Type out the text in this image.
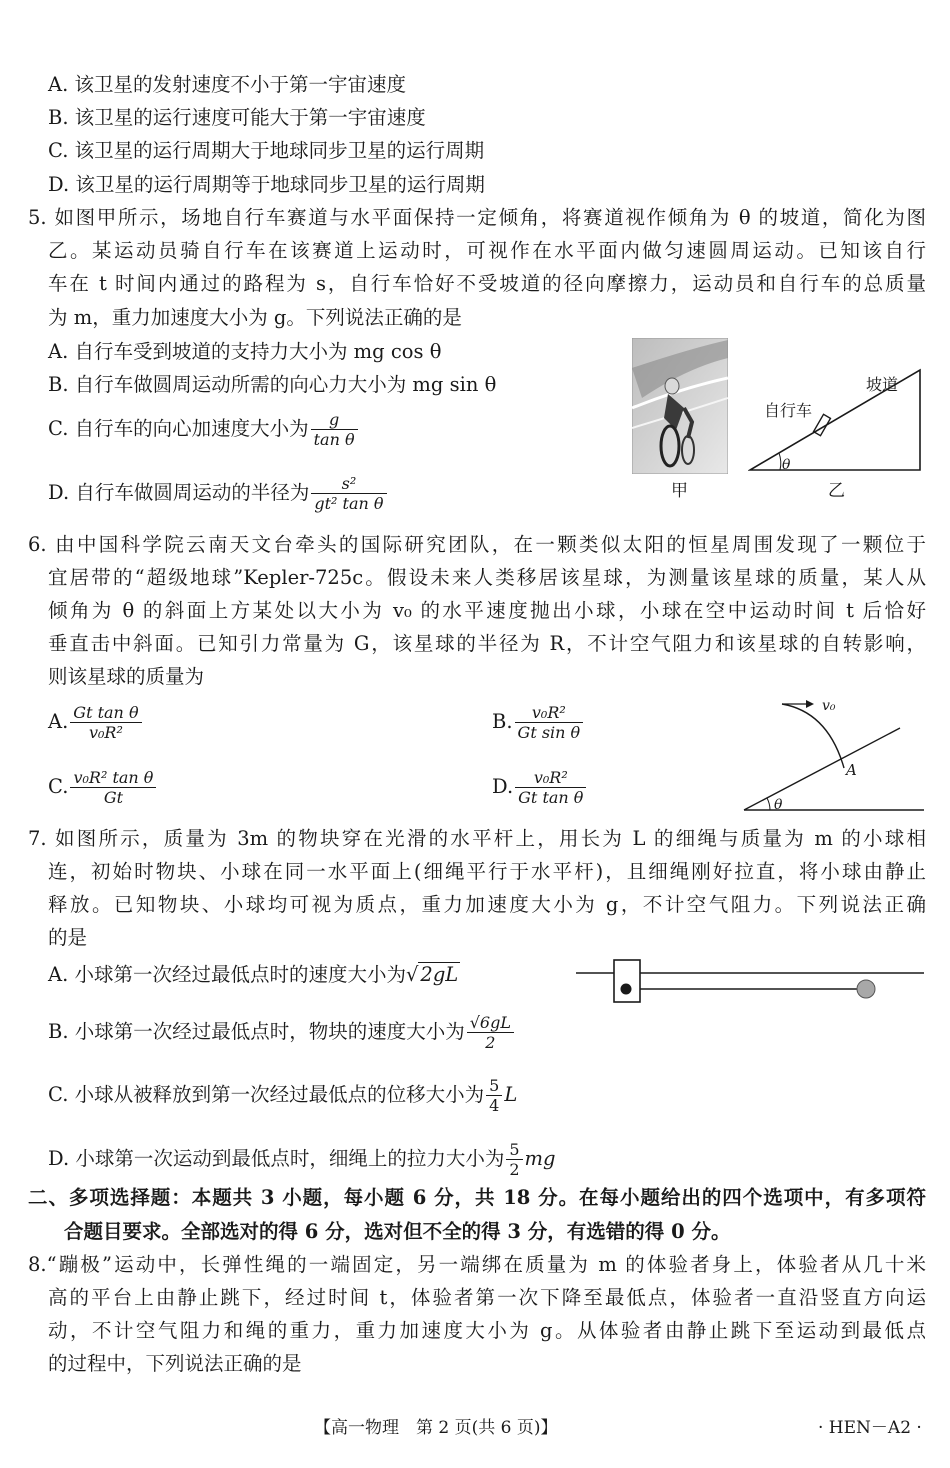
A. 该卫星的发射速度不小于第一宇宙速度
B. 该卫星的运行速度可能大于第一宇宙速度
C. 该卫星的运行周期大于地球同步卫星的运行周期
D. 该卫星的运行周期等于地球同步卫星的运行周期
5. 如图甲所示，场地自行车赛道与水平面保持一定倾角，将赛道视作倾角为 θ 的坡道，简化为图
乙。某运动员骑自行车在该赛道上运动时，可视作在水平面内做匀速圆周运动。已知该自行
车在 t 时间内通过的路程为 s，自行车恰好不受坡道的径向摩擦力，运动员和自行车的总质量
为 m，重力加速度大小为 g。下列说法正确的是
A. 自行车受到坡道的支持力大小为 mg cos θ
B. 自行车做圆周运动所需的向心力大小为 mg sin θ
C. 自行车的向心加速度大小为 $\frac{g}{\text{tan θ}}$
D. 自行车做圆周运动的半径为 $\frac{\text{s²}}{\text{gt² tan θ}}$	甲
坡道
自行车
θ
乙
6. 由中国科学院云南天文台牵头的国际研究团队，在一颗类似太阳的恒星周围发现了一颗位于
宜居带的“超级地球”Kepler-725c。假设未来人类移居该星球，为测量该星球的质量，某人从
倾角为 θ 的斜面上方某处以大小为 v₀ 的水平速度抛出小球，小球在空中运动时间 t 后恰好
垂直击中斜面。已知引力常量为 G，该星球的半径为 R，不计空气阻力和该星球的自转影响，
则该星球的质量为
A. $\frac{\text{Gt tan θ}}{\text{v₀R²}}$	B. $\frac{\text{v₀R²}}{\text{Gt sin θ}}$
C. $\frac{\text{v₀R² tan θ}}{Gt}$	D. $\frac{\text{v₀R²}}{\text{Gt tan θ}}$
v₀
A
θ
7. 如图所示，质量为 3m 的物块穿在光滑的水平杆上，用长为 L 的细绳与质量为 m 的小球相
连，初始时物块、小球在同一水平面上(细绳平行于水平杆)，且细绳刚好拉直，将小球由静止
释放。已知物块、小球均可视为质点，重力加速度大小为 g，不计空气阻力。下列说法正确
的是
A. 小球第一次经过最低点时的速度大小为√ 2gL
B. 小球第一次经过最低点时，物块的速度大小为 $\frac{√6gL}{2}$
C. 小球从被释放到第一次经过最低点的位移大小为 $\frac{5}{4}$ L
D. 小球第一次运动到最低点时，细绳上的拉力大小为 $\frac{5}{2}$ mg
二、多项选择题：本题共 3 小题，每小题 6 分，共 18 分。在每小题给出的四个选项中，有多项符
合题目要求。全部选对的得 6 分，选对但不全的得 3 分，有选错的得 0 分。
8.“蹦极”运动中，长弹性绳的一端固定，另一端绑在质量为 m 的体验者身上，体验者从几十米
高的平台上由静止跳下，经过时间 t，体验者第一次下降至最低点，体验者一直沿竖直方向运
动，不计空气阻力和绳的重力，重力加速度大小为 g。从体验者由静止跳下至运动到最低点
的过程中，下列说法正确的是
【高一物理　第 2 页(共 6 页)】	· HEN－A2 ·
